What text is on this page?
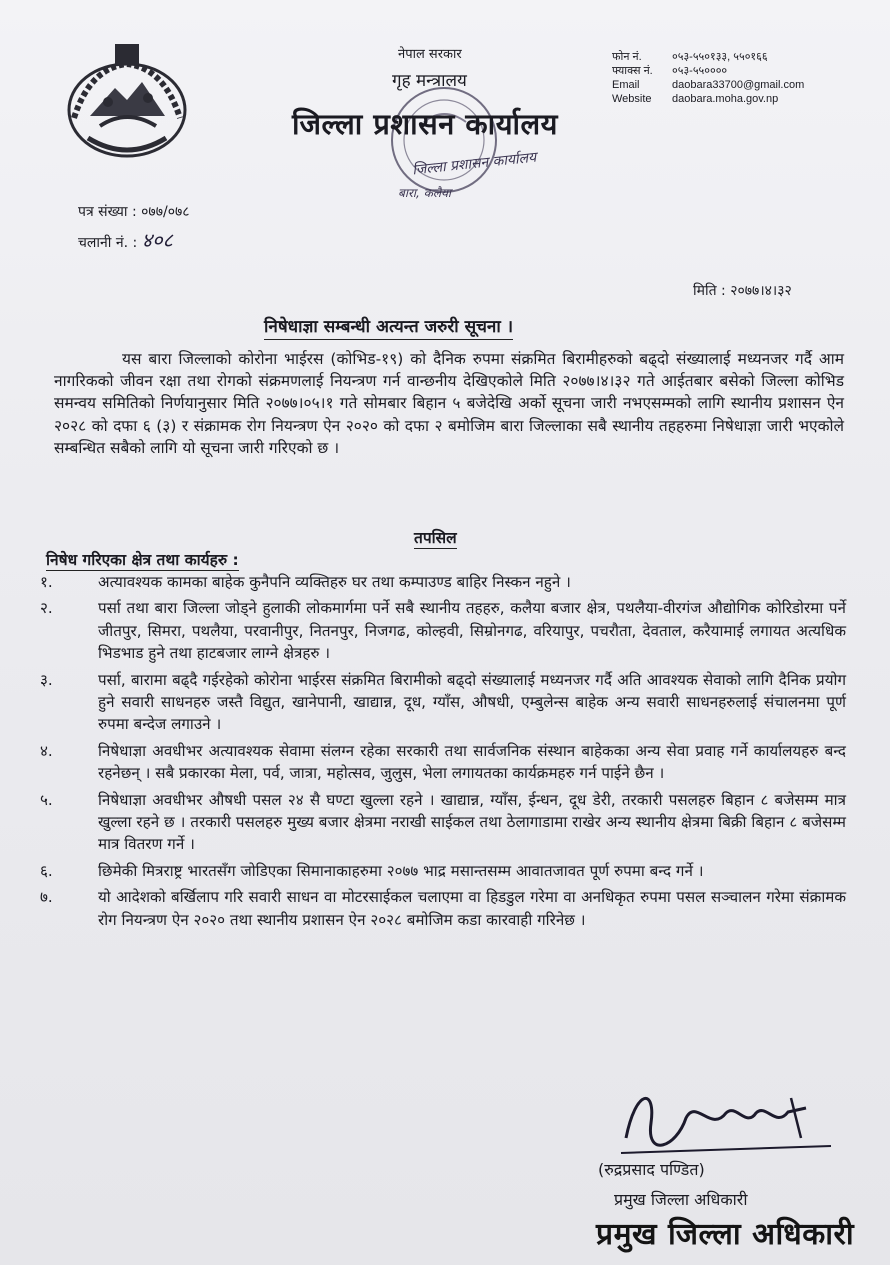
नेपाल सरकार
गृह मन्त्रालय
जिल्ला प्रशासन कार्यालय
जिल्ला प्रशासन कार्यालय
बारा, कलैया
फोन नं.	०५३-५५०१३३, ५५०१६६
फ्याक्स नं.	०५३-५५००००
Email	daobara33700@gmail.com
Website	daobara.moha.gov.np
पत्र संख्या : ०७७/०७८
चलानी नं. : ४०८
मिति : २०७७।४।३२
निषेधाज्ञा सम्बन्धी अत्यन्त जरुरी सूचना ।
यस बारा जिल्लाको कोरोना भाईरस (कोभिड-१९) को दैनिक रुपमा संक्रमित बिरामीहरुको बढ्दो संख्यालाई मध्यनजर गर्दै आम नागरिकको जीवन रक्षा तथा रोगको संक्रमणलाई नियन्त्रण गर्न वान्छनीय देखिएकोले मिति २०७७।४।३२ गते आईतबार बसेको जिल्ला कोभिड समन्वय समितिको निर्णयानुसार मिति २०७७।०५।१ गते सोमबार बिहान ५ बजेदेखि अर्को सूचना जारी नभएसम्मको लागि स्थानीय प्रशासन ऐन २०२८ को दफा ६ (३) र संक्रामक रोग नियन्त्रण ऐन २०२० को दफा २ बमोजिम बारा जिल्लाका सबै स्थानीय तहहरुमा निषेधाज्ञा जारी भएकोले सम्बन्धित सबैको लागि यो सूचना जारी गरिएको छ ।
तपसिल
निषेध गरिएका क्षेत्र तथा कार्यहरु :
१.	अत्यावश्यक कामका बाहेक कुनैपनि व्यक्तिहरु घर तथा कम्पाउण्ड बाहिर निस्कन नहुने ।
२.	पर्सा तथा बारा जिल्ला जोड्ने हुलाकी लोकमार्गमा पर्ने सबै स्थानीय तहहरु, कलैया बजार क्षेत्र, पथलैया-वीरगंज औद्योगिक कोरिडोरमा पर्ने जीतपुर, सिमरा, पथलैया, परवानीपुर, नितनपुर, निजगढ, कोल्हवी, सिम्रोनगढ, वरियापुर, पचरौता, देवताल, करैयामाई लगायत अत्यधिक भिडभाड हुने तथा हाटबजार लाग्ने क्षेत्रहरु ।
३.	पर्सा, बारामा बढ्दै गईरहेको कोरोना भाईरस संक्रमित बिरामीको बढ्दो संख्यालाई मध्यनजर गर्दै अति आवश्यक सेवाको लागि दैनिक प्रयोग हुने सवारी साधनहरु जस्तै विद्युत, खानेपानी, खाद्यान्न, दूध, ग्याँस, औषधी, एम्बुलेन्स बाहेक अन्य सवारी साधनहरुलाई संचालनमा पूर्ण रुपमा बन्देज लगाउने ।
४.	निषेधाज्ञा अवधीभर अत्यावश्यक सेवामा संलग्न रहेका सरकारी तथा सार्वजनिक संस्थान बाहेकका अन्य सेवा प्रवाह गर्ने कार्यालयहरु बन्द रहनेछन् । सबै प्रकारका मेला, पर्व, जात्रा, महोत्सव, जुलुस, भेला लगायतका कार्यक्रमहरु गर्न पाईने छैन ।
५.	निषेधाज्ञा अवधीभर औषधी पसल २४ सै घण्टा खुल्ला रहने । खाद्यान्न, ग्याँस, ईन्धन, दूध डेरी, तरकारी पसलहरु बिहान ८ बजेसम्म मात्र खुल्ला रहने छ । तरकारी पसलहरु मुख्य बजार क्षेत्रमा नराखी साईकल तथा ठेलागाडामा राखेर अन्य स्थानीय क्षेत्रमा बिक्री बिहान ८ बजेसम्म मात्र वितरण गर्ने ।
६.	छिमेकी मित्रराष्ट्र भारतसँग जोडिएका सिमानाकाहरुमा २०७७ भाद्र मसान्तसम्म आवातजावत पूर्ण रुपमा बन्द गर्ने ।
७.	यो आदेशको बर्खिलाप गरि सवारी साधन वा मोटरसाईकल चलाएमा वा हिडडुल गरेमा वा अनधिकृत रुपमा पसल सञ्चालन गरेमा संक्रामक रोग नियन्त्रण ऐन २०२० तथा स्थानीय प्रशासन ऐन २०२८ बमोजिम कडा कारवाही गरिनेछ ।
(रुद्रप्रसाद पण्डित)
प्रमुख जिल्ला अधिकारी
प्रमुख जिल्ला अधिकारी
